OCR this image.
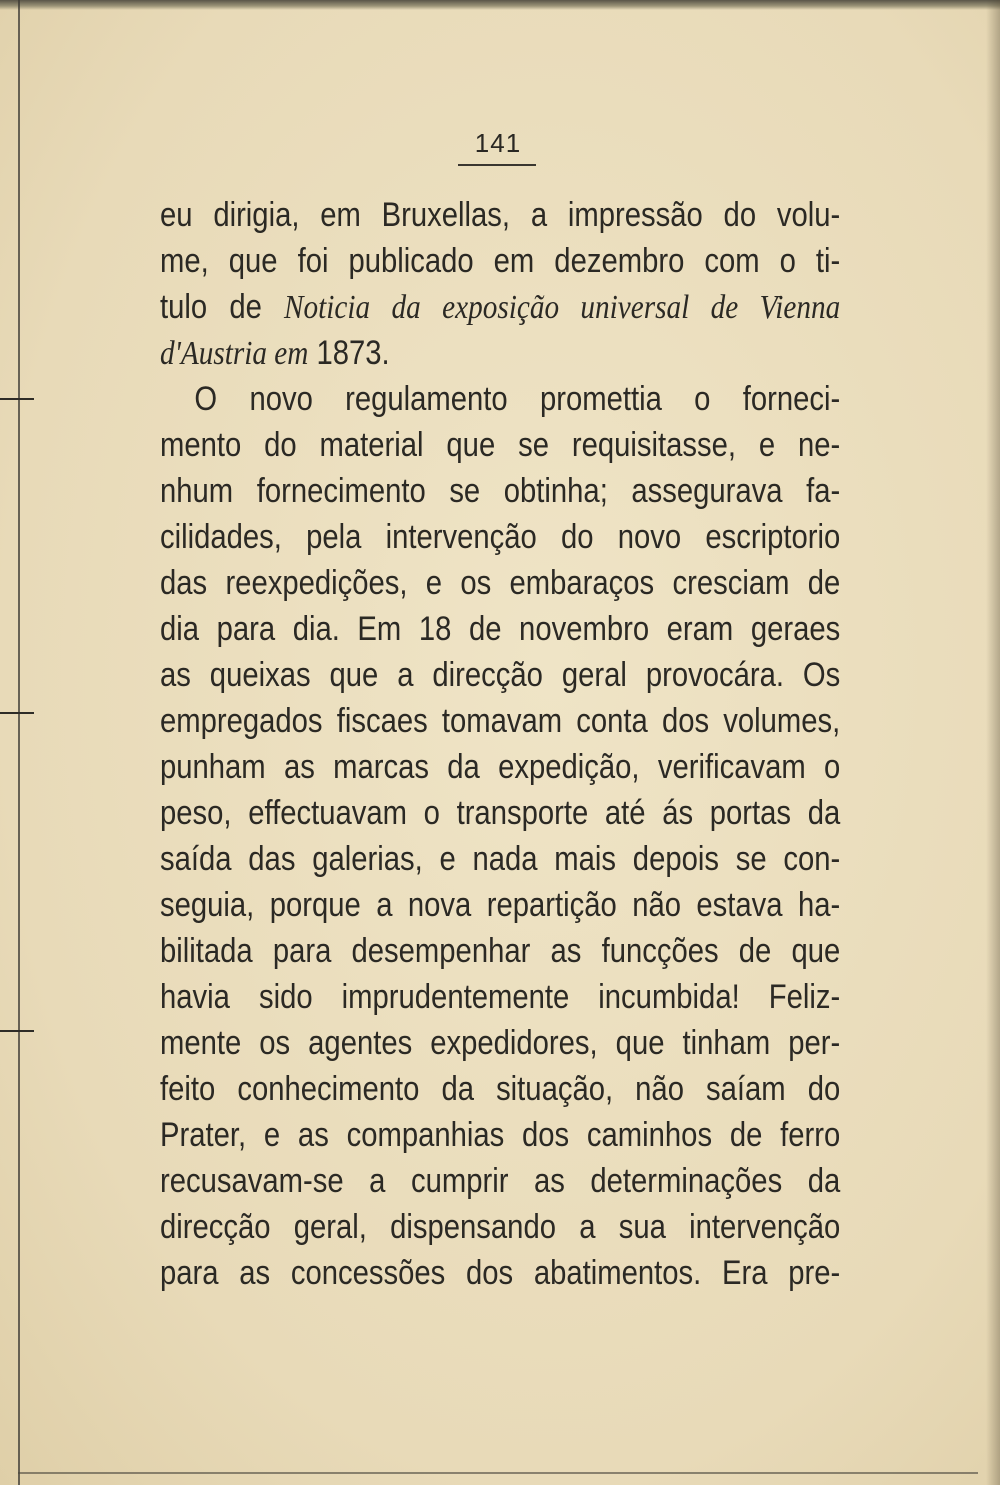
141
eu dirigia, em Bruxellas, a impressão do volu-
me, que foi publicado em dezembro com o ti-
tulo de Noticia da exposição universal de Vienna
d'Austria em 1873.
O novo regulamento promettia o forneci-
mento do material que se requisitasse, e ne-
nhum fornecimento se obtinha; assegurava fa-
cilidades, pela intervenção do novo escriptorio
das reexpedições, e os embaraços cresciam de
dia para dia. Em 18 de novembro eram geraes
as queixas que a direcção geral provocára. Os
empregados fiscaes tomavam conta dos volumes,
punham as marcas da expedição, verificavam o
peso, effectuavam o transporte até ás portas da
saída das galerias, e nada mais depois se con-
seguia, porque a nova repartição não estava ha-
bilitada para desempenhar as funcções de que
havia sido imprudentemente incumbida! Feliz-
mente os agentes expedidores, que tinham per-
feito conhecimento da situação, não saíam do
Prater, e as companhias dos caminhos de ferro
recusavam-se a cumprir as determinações da
direcção geral, dispensando a sua intervenção
para as concessões dos abatimentos. Era pre-
